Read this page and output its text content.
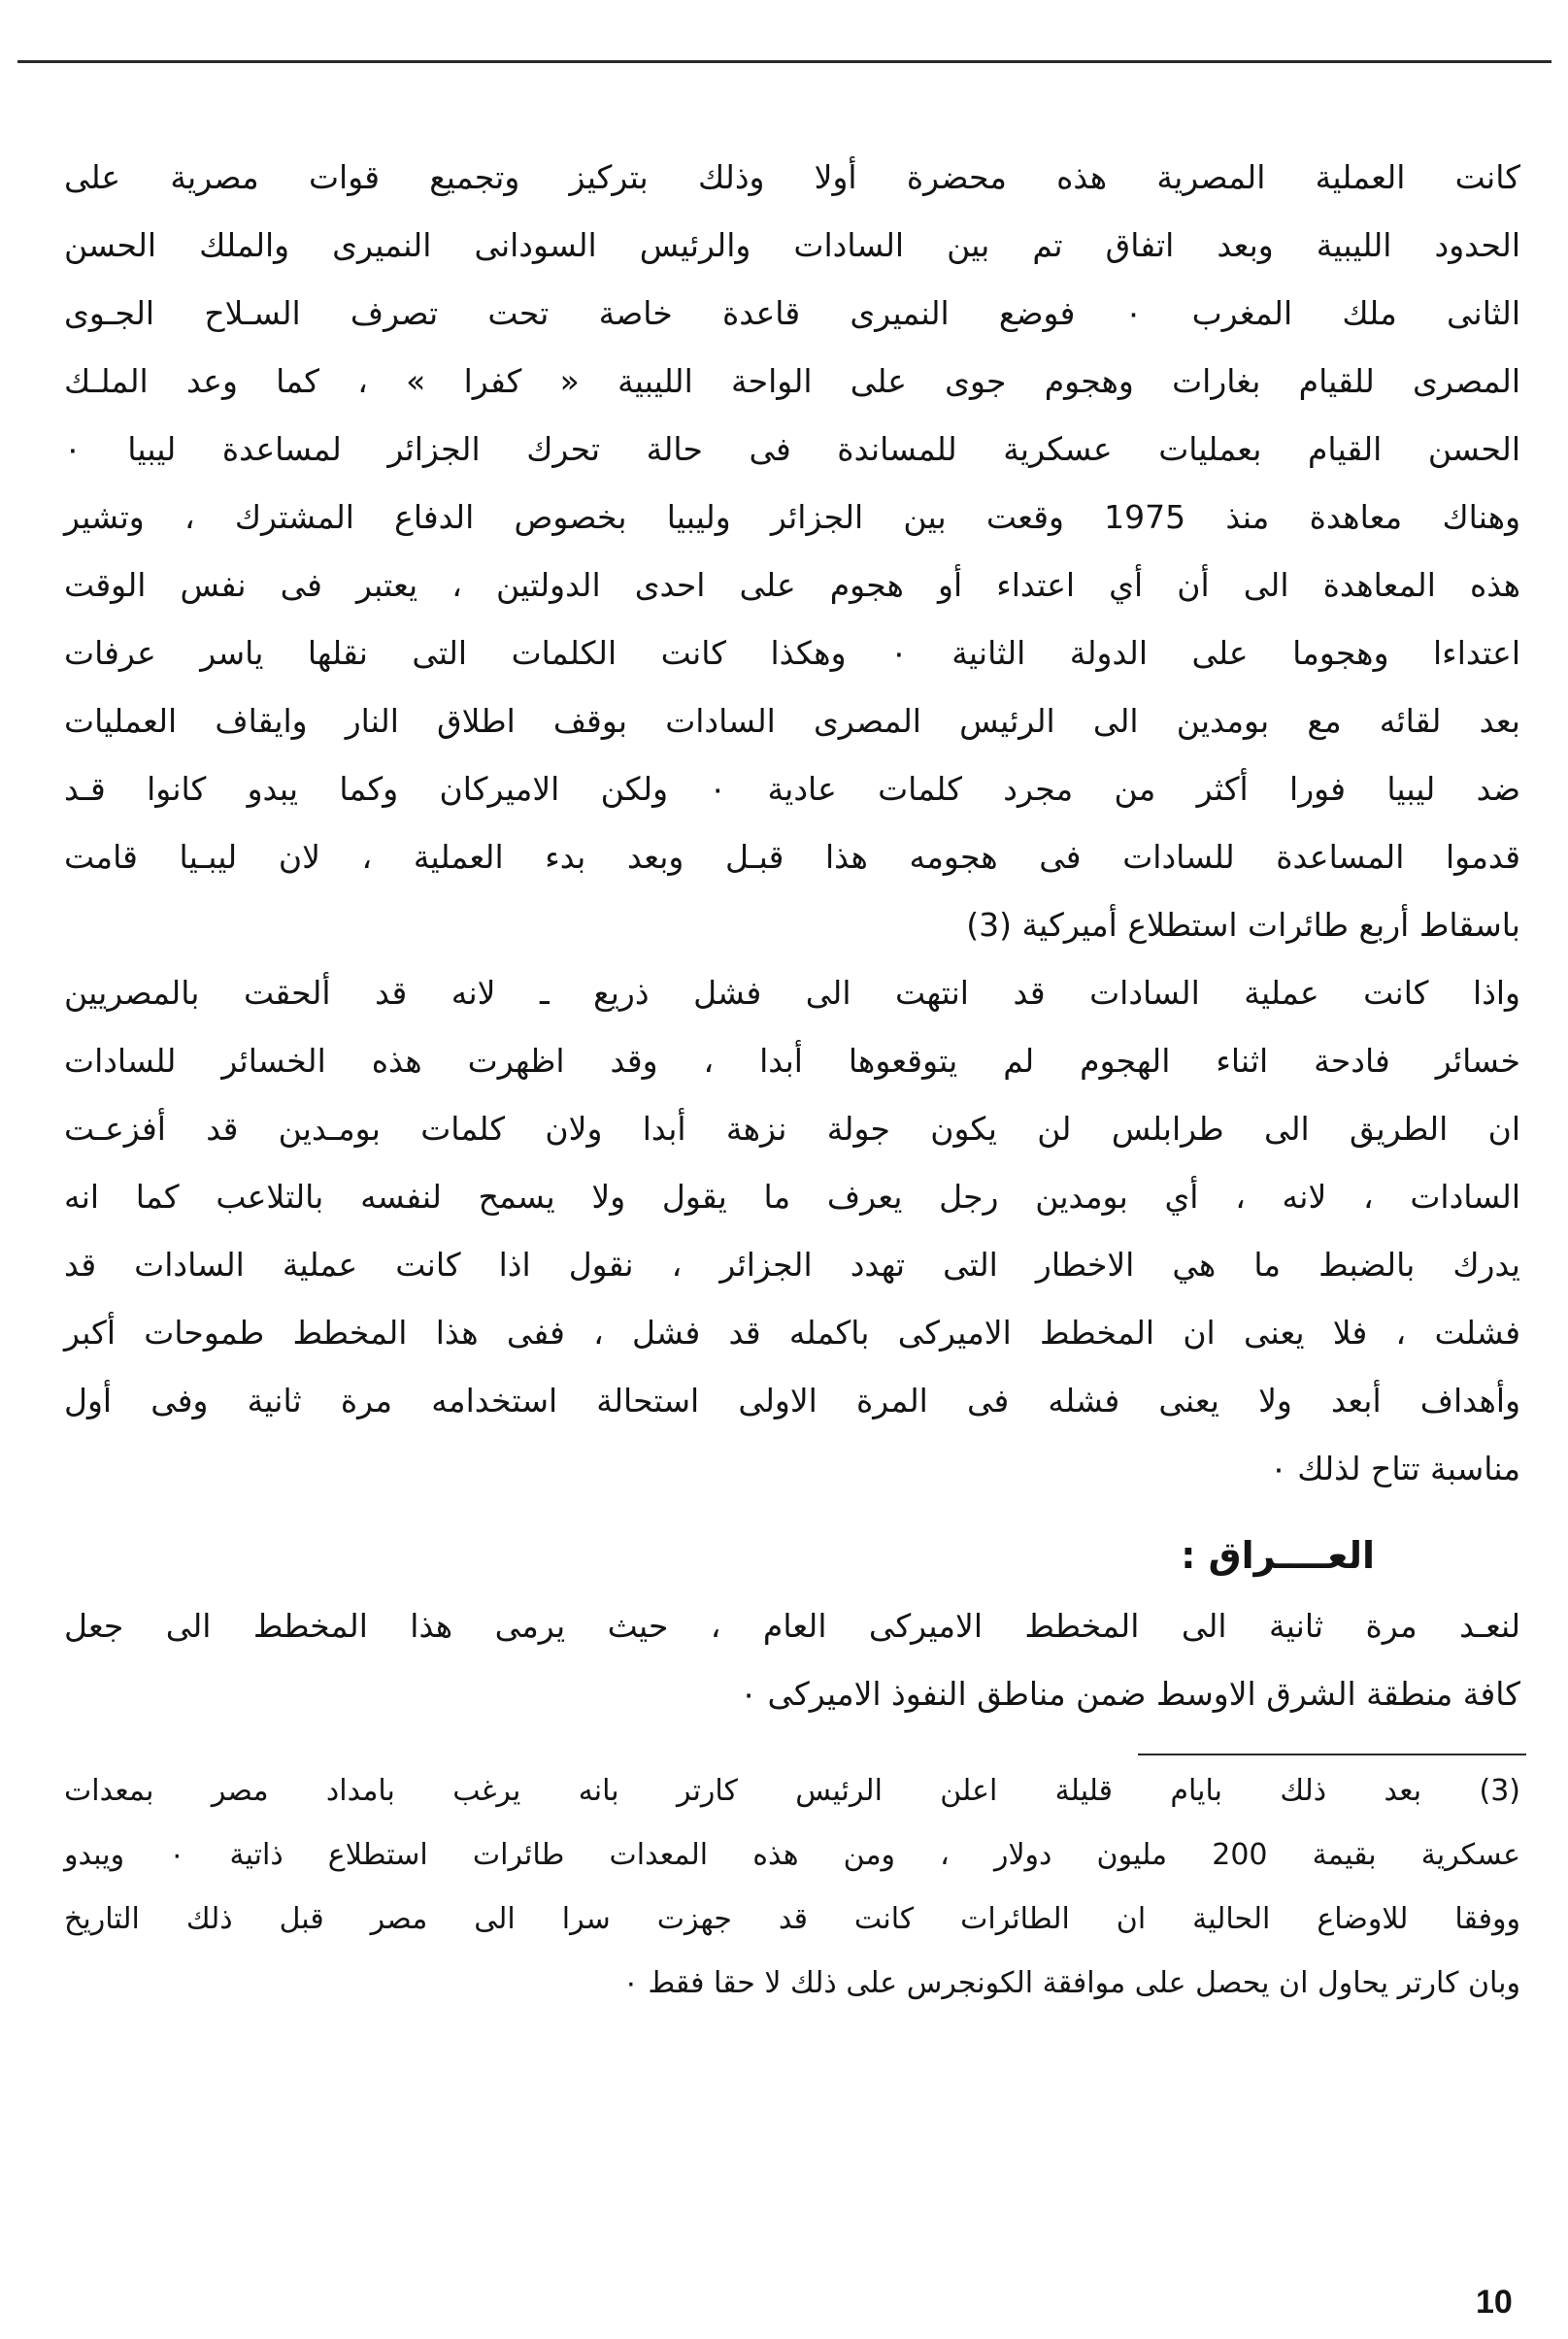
كانت العملية المصرية هذه محضرة أولا وذلك بتركيز وتجميع قوات مصرية على
الحدود الليبية وبعد اتفاق تم بين السادات والرئيس السودانى النميرى والملك الحسن
الثانى ملك المغرب ٠ فوضع النميرى قاعدة خاصة تحت تصرف السـلاح الجـوى
المصرى للقيام بغارات وهجوم جوى على الواحة الليبية « كفرا » ، كما وعد الملـك
الحسن القيام بعمليات عسكرية للمساندة فى حالة تحرك الجزائر لمساعدة ليبيا ٠
وهناك معاهدة منذ 1975 وقعت بين الجزائر وليبيا بخصوص الدفاع المشترك ، وتشير
هذه المعاهدة الى أن أي اعتداء أو هجوم على احدى الدولتين ، يعتبر فى نفس الوقت
اعتداءا وهجوما على الدولة الثانية ٠ وهكذا كانت الكلمات التى نقلها ياسر عرفات
بعد لقائه مع بومدين الى الرئيس المصرى السادات بوقف اطلاق النار وايقاف العمليات
ضد ليبيا فورا أكثر من مجرد كلمات عادية ٠ ولكن الاميركان وكما يبدو كانوا قـد
قدموا المساعدة للسادات فى هجومه هذا قبـل وبعد بدء العملية ، لان ليبـيا قامت
باسقاط أربع طائرات استطلاع أميركية (3)

واذا كانت عملية السادات قد انتهت الى فشل ذريع ـ لانه قد ألحقت بالمصريين
خسائر فادحة اثناء الهجوم لم يتوقعوها أبدا ، وقد اظهرت هذه الخسائر للسادات
ان الطريق الى طرابلس لن يكون جولة نزهة أبدا ولان كلمات بومـدين قد أفزعـت
السادات ، لانه ، أي بومدين رجل يعرف ما يقول ولا يسمح لنفسه بالتلاعب كما انه
يدرك بالضبط ما هي الاخطار التى تهدد الجزائر ، نقول اذا كانت عملية السادات قد
فشلت ، فلا يعنى ان المخطط الاميركى باكمله قد فشل ، ففى هذا المخطط طموحات أكبر
وأهداف أبعد ولا يعنى فشله فى المرة الاولى استحالة استخدامه مرة ثانية وفى أول
مناسبة تتاح لذلك ٠

العــــراق :

لنعـد مرة ثانية الى المخطط الاميركى العام ، حيث يرمى هذا المخطط الى جعل
كافة منطقة الشرق الاوسط ضمن مناطق النفوذ الاميركى ٠

(3) بعد ذلك بايام قليلة اعلن الرئيس كارتر بانه يرغب بامداد مصر بمعدات
عسكرية بقيمة 200 مليون دولار ، ومن هذه المعدات طائرات استطلاع ذاتية ٠ ويبدو
ووفقا للاوضاع الحالية ان الطائرات كانت قد جهزت سرا الى مصر قبل ذلك التاريخ
وبان كارتر يحاول ان يحصل على موافقة الكونجرس على ذلك لا حقا فقط ٠
10
